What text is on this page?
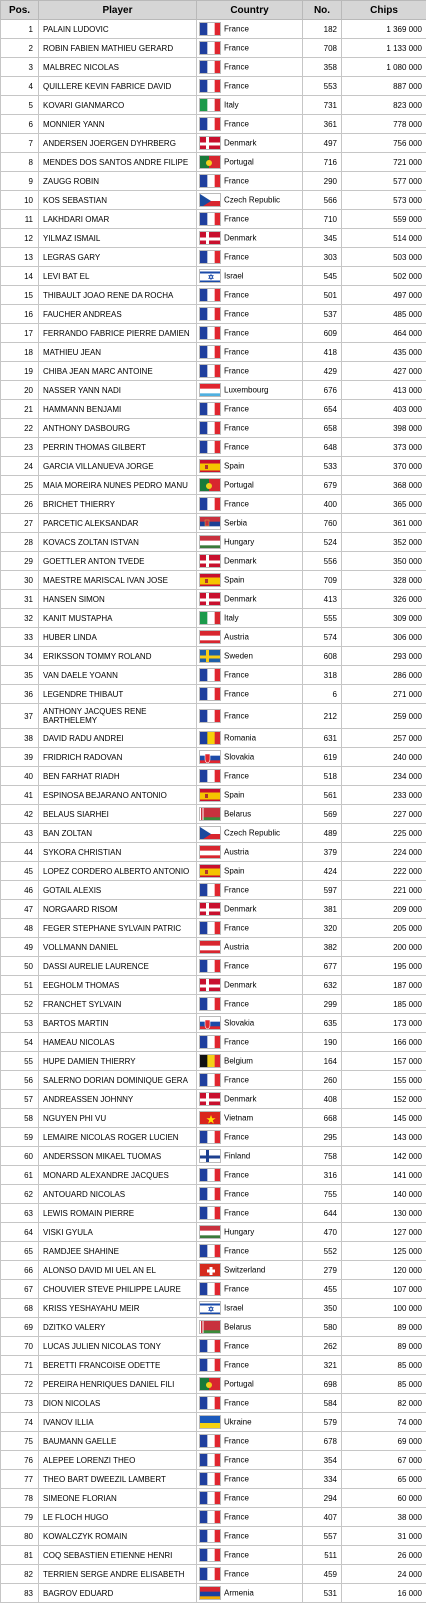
Pos.	Player	Country	No.	Chips
1	PALAIN LUDOVIC	France	182	1 369 000
2	ROBIN FABIEN MATHIEU GERARD	France	708	1 133 000
3	MALBREC NICOLAS	France	358	1 080 000
4	QUILLERE KEVIN FABRICE DAVID	France	553	887 000
5	KOVARI GIANMARCO	Italy	731	823 000
6	MONNIER YANN	France	361	778 000
7	ANDERSEN JOERGEN DYHRBERG	Denmark	497	756 000
8	MENDES DOS SANTOS ANDRE FILIPE	Portugal	716	721 000
9	ZAUGG ROBIN	France	290	577 000
10	KOS SEBASTIAN	Czech Republic	566	573 000
11	LAKHDARI OMAR	France	710	559 000
12	YILMAZ ISMAIL	Denmark	345	514 000
13	LEGRAS GARY	France	303	503 000
14	LEVI BAT EL	Israel	545	502 000
15	THIBAULT JOAO RENE DA ROCHA	France	501	497 000
16	FAUCHER ANDREAS	France	537	485 000
17	FERRANDO FABRICE PIERRE DAMIEN	France	609	464 000
18	MATHIEU JEAN	France	418	435 000
19	CHIBA JEAN MARC ANTOINE	France	429	427 000
20	NASSER YANN NADI	Luxembourg	676	413 000
21	HAMMANN BENJAMI	France	654	403 000
22	ANTHONY DASBOURG	France	658	398 000
23	PERRIN THOMAS GILBERT	France	648	373 000
24	GARCIA VILLANUEVA JORGE	Spain	533	370 000
25	MAIA MOREIRA NUNES PEDRO MANU	Portugal	679	368 000
26	BRICHET THIERRY	France	400	365 000
27	PARCETIC ALEKSANDAR	Serbia	760	361 000
28	KOVACS ZOLTAN ISTVAN	Hungary	524	352 000
29	GOETTLER ANTON TVEDE	Denmark	556	350 000
30	MAESTRE MARISCAL IVAN JOSE	Spain	709	328 000
31	HANSEN SIMON	Denmark	413	326 000
32	KANIT MUSTAPHA	Italy	555	309 000
33	HUBER LINDA	Austria	574	306 000
34	ERIKSSON TOMMY ROLAND	Sweden	608	293 000
35	VAN DAELE YOANN	France	318	286 000
36	LEGENDRE THIBAUT	France	6	271 000
37	ANTHONY JACQUES RENE BARTHELEMY	France	212	259 000
38	DAVID RADU ANDREI	Romania	631	257 000
39	FRIDRICH RADOVAN	Slovakia	619	240 000
40	BEN FARHAT RIADH	France	518	234 000
41	ESPINOSA BEJARANO ANTONIO	Spain	561	233 000
42	BELAUS SIARHEI	Belarus	569	227 000
43	BAN ZOLTAN	Czech Republic	489	225 000
44	SYKORA CHRISTIAN	Austria	379	224 000
45	LOPEZ CORDERO ALBERTO ANTONIO	Spain	424	222 000
46	GOTAIL ALEXIS	France	597	221 000
47	NORGAARD RISOM	Denmark	381	209 000
48	FEGER STEPHANE SYLVAIN PATRIC	France	320	205 000
49	VOLLMANN DANIEL	Austria	382	200 000
50	DASSI AURELIE LAURENCE	France	677	195 000
51	EEGHOLM THOMAS	Denmark	632	187 000
52	FRANCHET SYLVAIN	France	299	185 000
53	BARTOS MARTIN	Slovakia	635	173 000
54	HAMEAU NICOLAS	France	190	166 000
55	HUPE DAMIEN THIERRY	Belgium	164	157 000
56	SALERNO DORIAN DOMINIQUE GERA	France	260	155 000
57	ANDREASSEN JOHNNY	Denmark	408	152 000
58	NGUYEN PHI VU	Vietnam	668	145 000
59	LEMAIRE NICOLAS ROGER LUCIEN	France	295	143 000
60	ANDERSSON MIKAEL TUOMAS	Finland	758	142 000
61	MONARD ALEXANDRE JACQUES	France	316	141 000
62	ANTOUARD NICOLAS	France	755	140 000
63	LEWIS ROMAIN PIERRE	France	644	130 000
64	VISKI GYULA	Hungary	470	127 000
65	RAMDJEE SHAHINE	France	552	125 000
66	ALONSO DAVID MI UEL AN EL	Switzerland	279	120 000
67	CHOUVIER STEVE PHILIPPE LAURE	France	455	107 000
68	KRISS YESHAYAHU MEIR	Israel	350	100 000
69	DZITKO VALERY	Belarus	580	89 000
70	LUCAS JULIEN NICOLAS TONY	France	262	89 000
71	BERETTI FRANCOISE ODETTE	France	321	85 000
72	PEREIRA HENRIQUES DANIEL FILI	Portugal	698	85 000
73	DION NICOLAS	France	584	82 000
74	IVANOV ILLIA	Ukraine	579	74 000
75	BAUMANN GAELLE	France	678	69 000
76	ALEPEE LORENZI THEO	France	354	67 000
77	THEO BART DWEEZIL LAMBERT	France	334	65 000
78	SIMEONE FLORIAN	France	294	60 000
79	LE FLOCH HUGO	France	407	38 000
80	KOWALCZYK ROMAIN	France	557	31 000
81	COQ SEBASTIEN ETIENNE HENRI	France	511	26 000
82	TERRIEN SERGE ANDRE ELISABETH	France	459	24 000
83	BAGROV EDUARD	Armenia	531	16 000
